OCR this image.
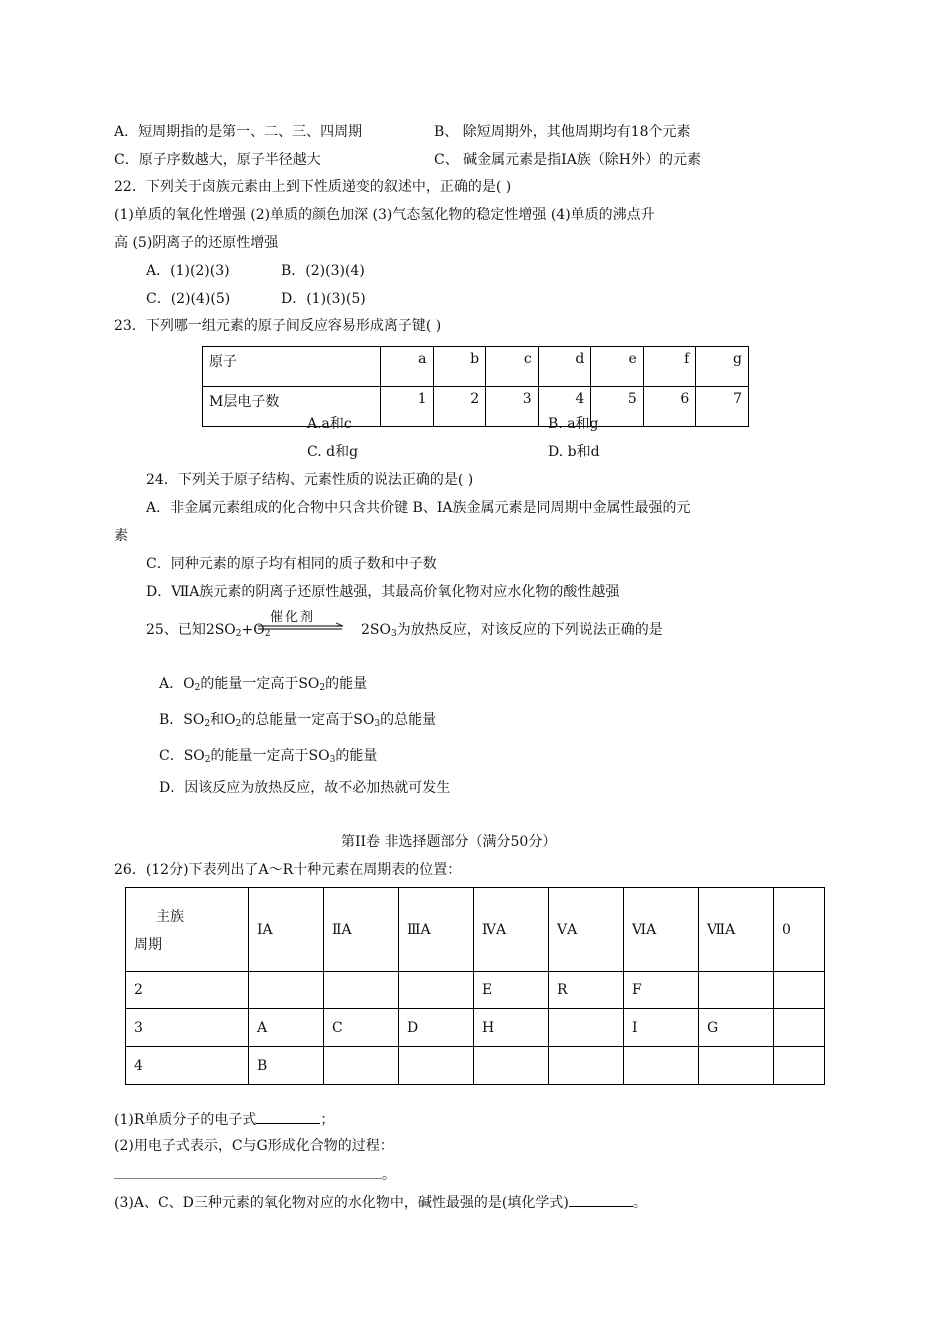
A．短周期指的是第一、二、三、四周期	B、 除短周期外，其他周期均有18个元素
C．原子序数越大，原子半径越大	C、 碱金属元素是指IA族（除H外）的元素
22．下列关于卤族元素由上到下性质递变的叙述中，正确的是( )
(1)单质的氧化性增强 (2)单质的颜色加深 (3)气态氢化物的稳定性增强 (4)单质的沸点升
高 (5)阴离子的还原性增强
A．(1)(2)(3)	B．(2)(3)(4)
C．(2)(4)(5)	D．(1)(3)(5)
23．下列哪一组元素的原子间反应容易形成离子键( )
原子	a	b	c	d	e	f	g
M层电子数	1	2	3	4	5	6	7
A.a和c	B. a和g
C. d和g	D. b和d
24．下列关于原子结构、元素性质的说法正确的是( )
A．非金属元素组成的化合物中只含共价键 B、ⅠA族金属元素是同周期中金属性最强的元
素
C．同种元素的原子均有相同的质子数和中子数
D．ⅦA族元素的阴离子还原性越强，其最高价氧化物对应水化物的酸性越强
25、已知$2SO_2+O_2$
催化剂
$2SO_3$为放热反应，对该反应的下列说法正确的是
A．$O_2$的能量一定高于$SO_2$的能量
B．$SO_2$和$O_2$的总能量一定高于$SO_3$的总能量
C．$SO_2$的能量一定高于$SO_3$的能量
D．因该反应为放热反应，故不必加热就可发生
第II卷 非选择题部分（满分50分）
26．(12分)下表列出了A～R十种元素在周期表的位置：
主族
周期	ⅠA	ⅡA	ⅢA	ⅣA	ⅤA	ⅥA	ⅦA	0
2				E	R	F		
3	A	C	D	H		I	G	
4	B							
(1)R单质分子的电子式	；
(2)用电子式表示，C与G形成化合物的过程：
。
(3)A、C、D三种元素的氧化物对应的水化物中，碱性最强的是(填化学式)	。
